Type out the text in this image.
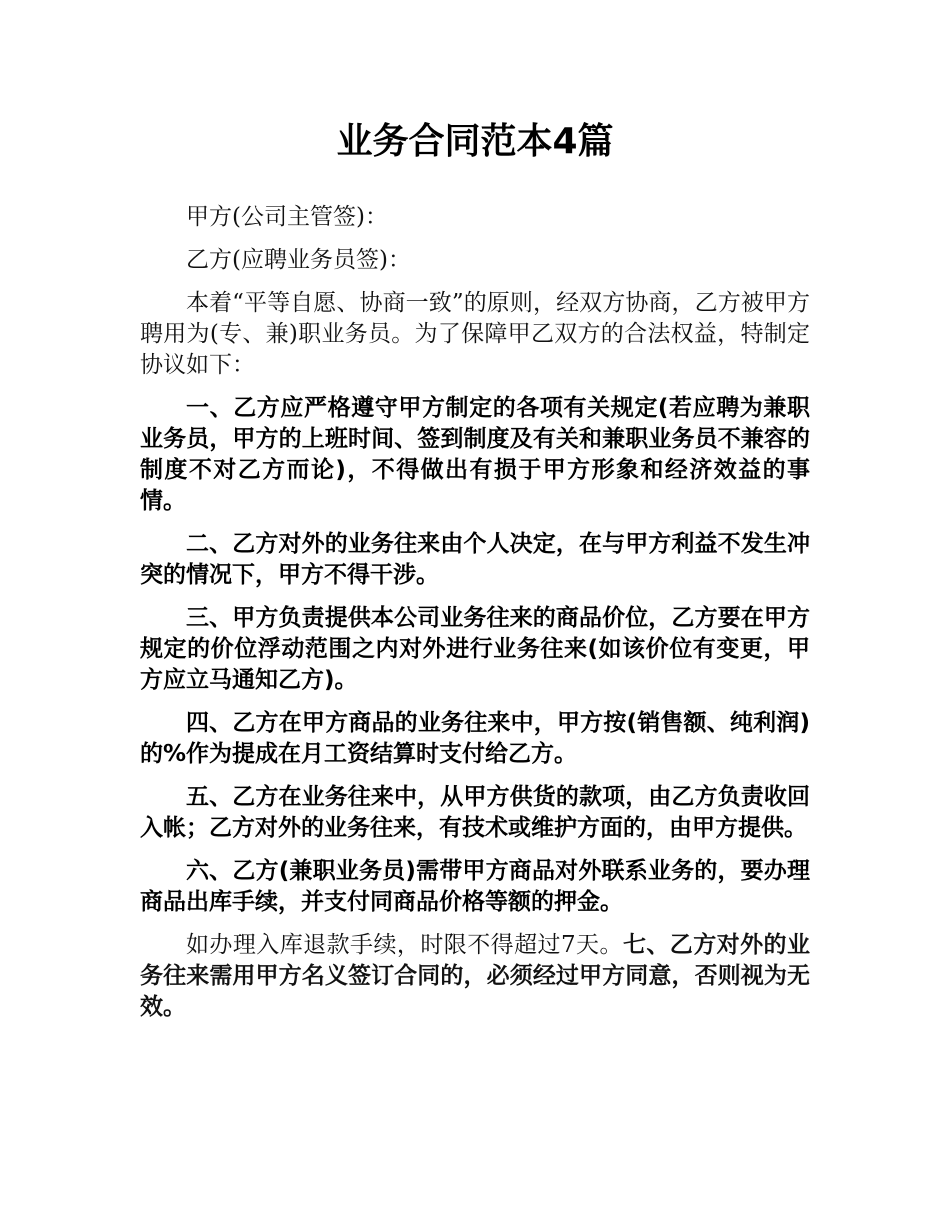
业务合同范本4篇

甲方(公司主管签)：

乙方(应聘业务员签)：

本着“平等自愿、协商一致”的原则，经双方协商，乙方被甲方聘用为(专、兼)职业务员。为了保障甲乙双方的合法权益，特制定协议如下：

一、乙方应严格遵守甲方制定的各项有关规定(若应聘为兼职业务员，甲方的上班时间、签到制度及有关和兼职业务员不兼容的制度不对乙方而论)，不得做出有损于甲方形象和经济效益的事情。

二、乙方对外的业务往来由个人决定，在与甲方利益不发生冲突的情况下，甲方不得干涉。

三、甲方负责提供本公司业务往来的商品价位，乙方要在甲方规定的价位浮动范围之内对外进行业务往来(如该价位有变更，甲方应立马通知乙方)。

四、乙方在甲方商品的业务往来中，甲方按(销售额、纯利润)的%作为提成在月工资结算时支付给乙方。

五、乙方在业务往来中，从甲方供货的款项，由乙方负责收回入帐；乙方对外的业务往来，有技术或维护方面的，由甲方提供。

六、乙方(兼职业务员)需带甲方商品对外联系业务的，要办理商品出库手续，并支付同商品价格等额的押金。

如办理入库退款手续，时限不得超过7天。七、乙方对外的业务往来需用甲方名义签订合同的，必须经过甲方同意，否则视为无效。
